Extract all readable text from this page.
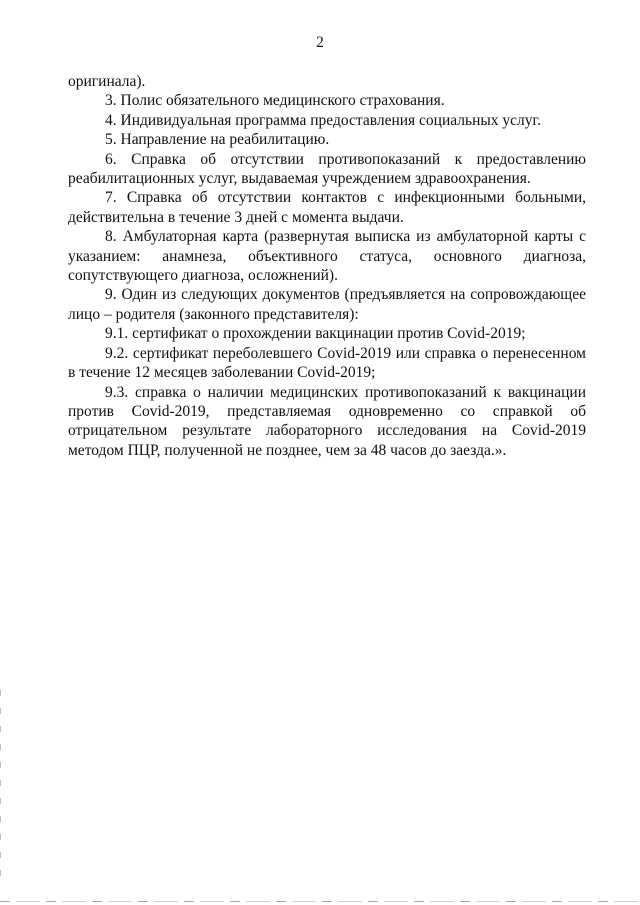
2

оригинала).

3. Полис обязательного медицинского страхования.

4. Индивидуальная программа предоставления социальных услуг.

5. Направление на реабилитацию.

6. Справка об отсутствии противопоказаний к предоставлению реабилитационных услуг, выдаваемая учреждением здравоохранения.

7. Справка об отсутствии контактов с инфекционными больными, действительна в течение 3 дней с момента выдачи.

8. Амбулаторная карта (развернутая выписка из амбулаторной карты с указанием: анамнеза, объективного статуса, основного диагноза, сопутствующего диагноза, осложнений).

9. Один из следующих документов (предъявляется на сопровождающее лицо – родителя (законного представителя):

9.1. сертификат о прохождении вакцинации против Covid-2019;

9.2. сертификат переболевшего Covid-2019 или справка о перенесенном в течение 12 месяцев заболевании Covid-2019;

9.3. справка о наличии медицинских противопоказаний к вакцинации против Covid-2019, представляемая одновременно со справкой об отрицательном результате лабораторного исследования на Covid-2019 методом ПЦР, полученной не позднее, чем за 48 часов до заезда.».
